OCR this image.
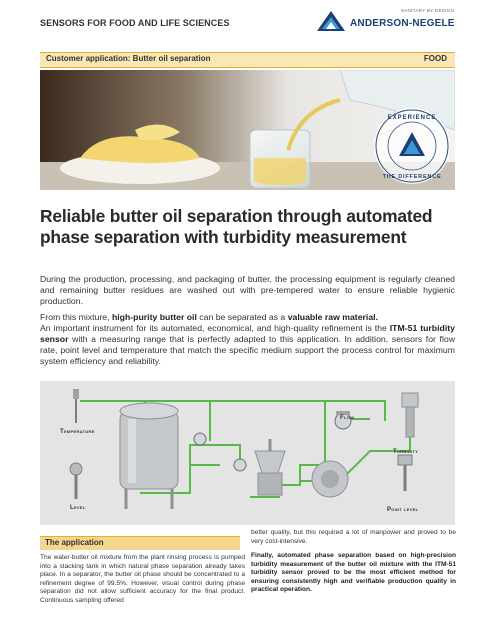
SENSORS FOR FOOD AND LIFE SCIENCES
SANITARY BY DESIGN
ANDERSON-NEGELE
Customer application: Butter oil separation	FOOD
EXPERIENCE
THE DIFFERENCE
Reliable butter oil separation through automated
phase separation with turbidity measurement

During the production, processing, and packaging of butter, the processing equipment is regularly cleaned and remaining butter residues are washed out with pre-tempered water to ensure reliable hygienic production.

From this mixture, high-purity butter oil can be separated as a valuable raw material.

An important instrument for its automated, economical, and high-quality refinement is the ITM-51 turbidity sensor with a measuring range that is perfectly adapted to this application. In addition, sensors for flow rate, point level and temperature that match the specific medium support the process control for maximum system efficiency and reliability.

Temperature
Level
Flow
Turbidity
Point level
The application
The water-butter oil mixture from the plant rinsing process is pumped into a stacking tank in which natural phase separation already takes place. In a separator, the butter oil phase should be concentrated to a refinement degree of 99.5%. However, visual control during phase separation did not allow sufficient accuracy for the final product. Continuous sampling offered

better quality, but this required a lot of manpower and proved to be very cost-intensive.

Finally, automated phase separation based on high-precision turbidity measurement of the butter oil mixture with the ITM-51 turbidity sensor proved to be the most efficient method for ensuring consistently high and verifiable production quality in practical operation.
